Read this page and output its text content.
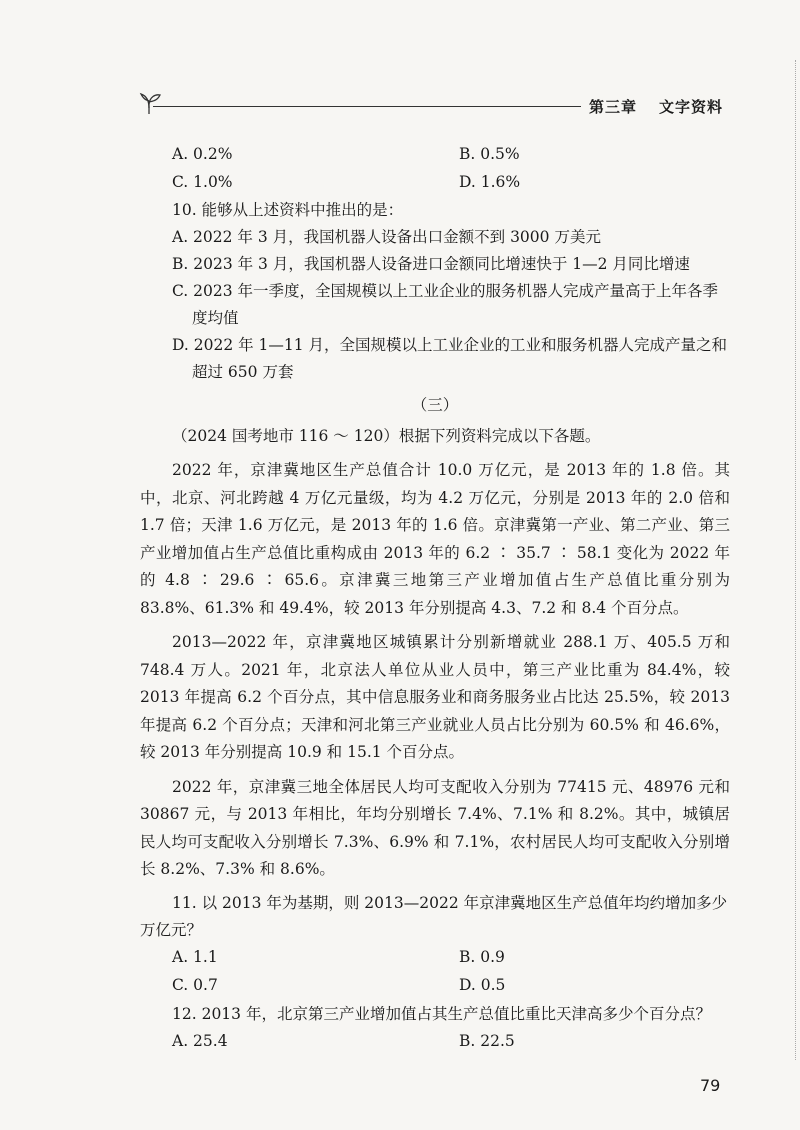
第三章 文字资料
A. 0.2%	B. 0.5%
C. 1.0%	D. 1.6%
10. 能够从上述资料中推出的是：
A. 2022 年 3 月，我国机器人设备出口金额不到 3000 万美元
B. 2023 年 3 月，我国机器人设备进口金额同比增速快于 1—2 月同比增速
C. 2023 年一季度，全国规模以上工业企业的服务机器人完成产量高于上年各季
度均值
D. 2022 年 1—11 月，全国规模以上工业企业的工业和服务机器人完成产量之和
超过 650 万套
（三）
（2024 国考地市 116 ～ 120）根据下列资料完成以下各题。
2022 年，京津冀地区生产总值合计 10.0 万亿元，是 2013 年的 1.8 倍。其中，北京、河北跨越 4 万亿元量级，均为 4.2 万亿元，分别是 2013 年的 2.0 倍和 1.7 倍；天津 1.6 万亿元，是 2013 年的 1.6 倍。京津冀第一产业、第二产业、第三产业增加值占生产总值比重构成由 2013 年的 6.2 ∶ 35.7 ∶ 58.1 变化为 2022 年的 4.8 ∶ 29.6 ∶ 65.6。京津冀三地第三产业增加值占生产总值比重分别为 83.8%、61.3% 和 49.4%，较 2013 年分别提高 4.3、7.2 和 8.4 个百分点。
2013—2022 年，京津冀地区城镇累计分别新增就业 288.1 万、405.5 万和 748.4 万人。2021 年，北京法人单位从业人员中，第三产业比重为 84.4%，较 2013 年提高 6.2 个百分点，其中信息服务业和商务服务业占比达 25.5%，较 2013 年提高 6.2 个百分点；天津和河北第三产业就业人员占比分别为 60.5% 和 46.6%，较 2013 年分别提高 10.9 和 15.1 个百分点。
2022 年，京津冀三地全体居民人均可支配收入分别为 77415 元、48976 元和 30867 元，与 2013 年相比，年均分别增长 7.4%、7.1% 和 8.2%。其中，城镇居民人均可支配收入分别增长 7.3%、6.9% 和 7.1%，农村居民人均可支配收入分别增长 8.2%、7.3% 和 8.6%。
11. 以 2013 年为基期，则 2013—2022 年京津冀地区生产总值年均约增加多少万亿元？
A. 1.1	B. 0.9
C. 0.7	D. 0.5
12. 2013 年，北京第三产业增加值占其生产总值比重比天津高多少个百分点？
A. 25.4	B. 22.5
79
